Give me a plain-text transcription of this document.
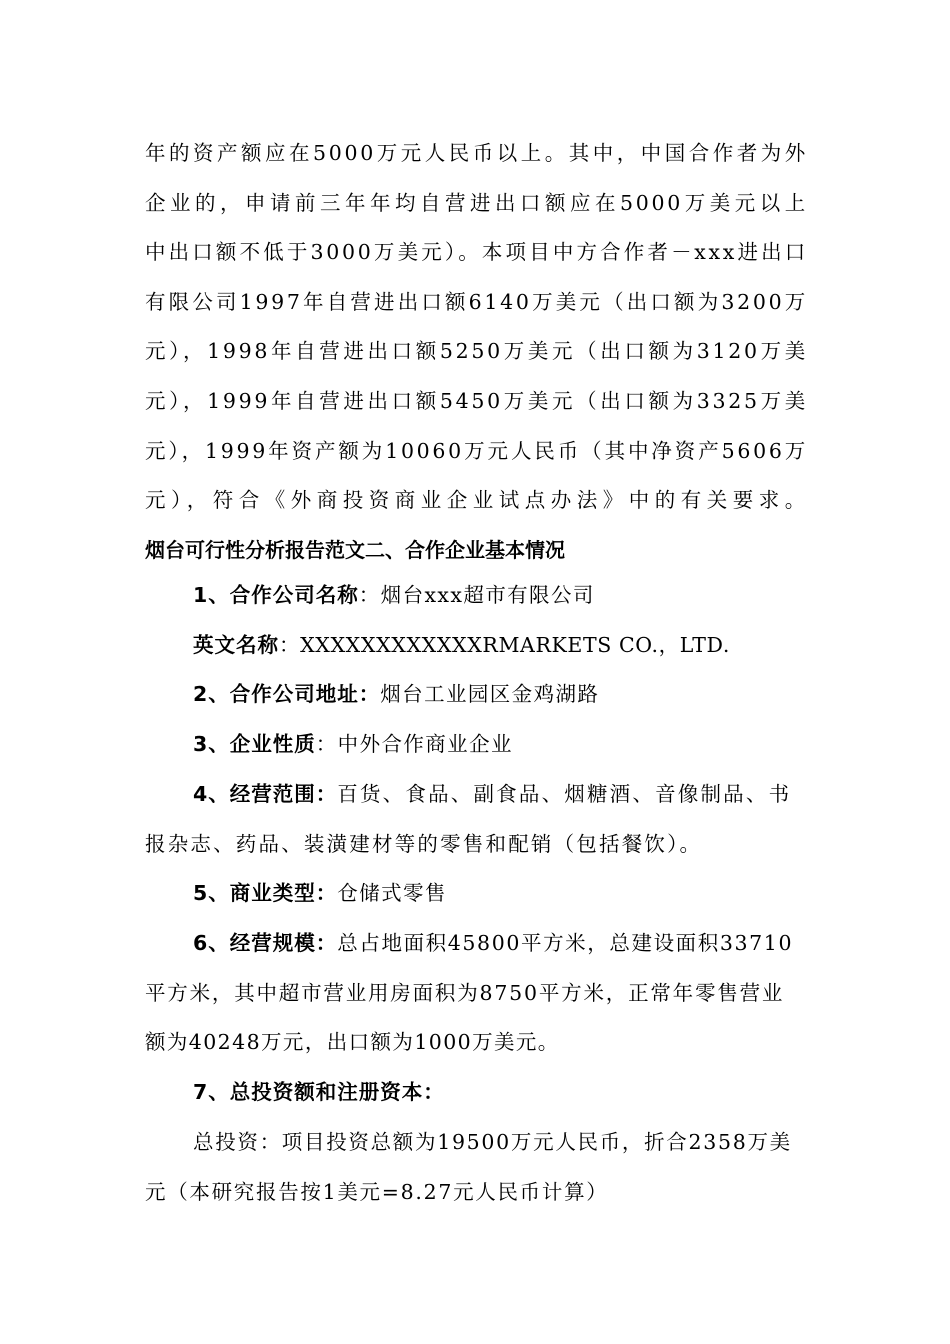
年的资产额应在5000万元人民币以上。其中，中国合作者为外
企业的，申请前三年年均自营进出口额应在5000万美元以上
中出口额不低于3000万美元）。本项目中方合作者－xxx进出口
有限公司1997年自营进出口额6140万美元（出口额为3200万
元），1998年自营进出口额5250万美元（出口额为3120万美
元），1999年自营进出口额5450万美元（出口额为3325万美
元），1999年资产额为10060万元人民币（其中净资产5606万
元），符合《外商投资商业企业试点办法》中的有关要求。
烟台可行性分析报告范文二、合作企业基本情况

1、合作公司名称：烟台xxx超市有限公司

英文名称：XXXXXXXXXXXXRMARKETS CO.，LTD.

2、合作公司地址：烟台工业园区金鸡湖路

3、企业性质：中外合作商业企业

4、经营范围：百货、食品、副食品、烟糖酒、音像制品、书
报杂志、药品、装潢建材等的零售和配销（包括餐饮）。

5、商业类型：仓储式零售

6、经营规模：总占地面积45800平方米，总建设面积33710
平方米，其中超市营业用房面积为8750平方米，正常年零售营业
额为40248万元，出口额为1000万美元。

7、总投资额和注册资本：

总投资：项目投资总额为19500万元人民币，折合2358万美
元（本研究报告按1美元=8.27元人民币计算）
